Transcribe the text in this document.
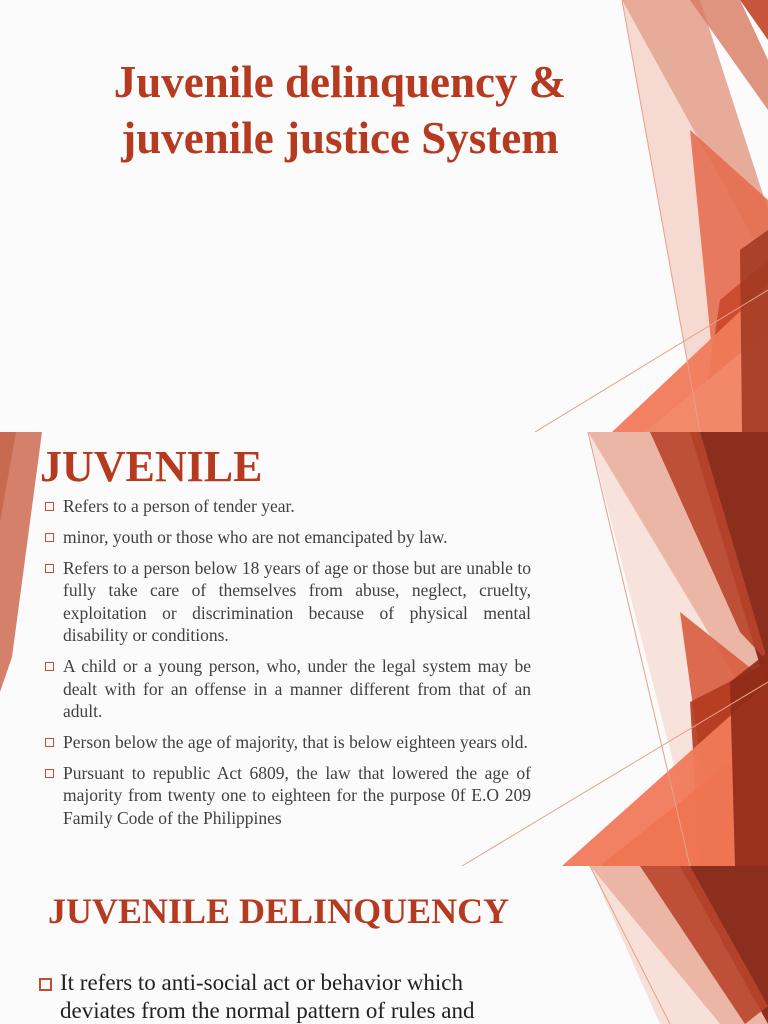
Juvenile delinquency &
juvenile justice System
JUVENILE
Refers to a person of tender year.
minor, youth or those who are not emancipated by law.
Refers to a person below 18 years of age or those but are unable to fully take care of themselves from abuse, neglect, cruelty, exploitation or discrimination because of physical mental disability or conditions.
A child or a young person, who, under the legal system may be dealt with for an offense in a manner different from that of an adult.
Person below the age of majority, that is below eighteen years old.
Pursuant to republic Act 6809, the law that lowered the age of majority from twenty one to eighteen for the purpose 0f E.O 209 Family Code of the Philippines
JUVENILE DELINQUENCY
It refers to anti-social act or behavior which deviates from the normal pattern of rules and
